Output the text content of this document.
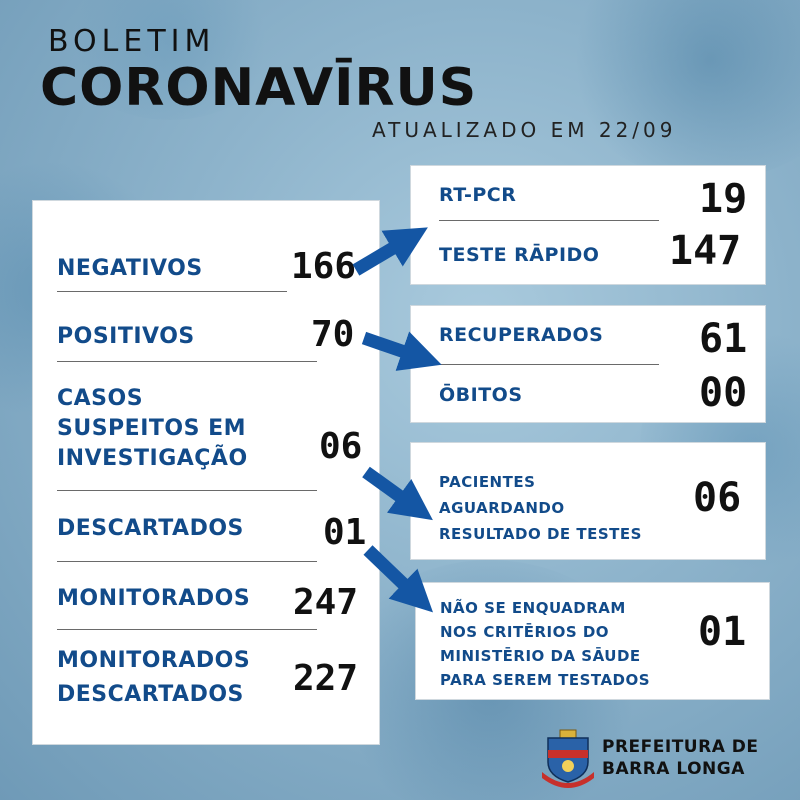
BOLETIM
CORONAVĪRUS
ATUALIZADO EM 22/09
NEGATIVOS 166
POSITIVOS	70
CASOS
SUSPEITOS EM
INVESTIGAÇÃO 06
DESCARTADOS 01
MONITORADOS 247
MONITORADOS
DESCARTADOS 227
RT-PCR	19
TESTE RĀPIDO 147
RECUPERADOS 61
ŌBITOS	00
PACIENTES
AGUARDANDO
RESULTADO DE TESTES
06
NÃO SE ENQUADRAM
NOS CRITĒRIOS DO
MINISTĒRIO DA SĀUDE
PARA SEREM TESTADOS
01
PREFEITURA DE
BARRA LONGA
